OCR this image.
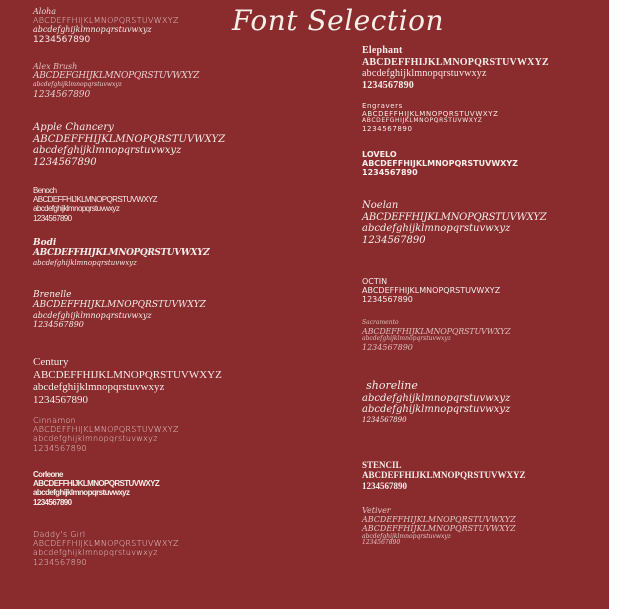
Font Selection
Aloha
ABCDEFFHIJKLMNOPQRSTUVWXYZ
abcdefghijklmnopqrstuvwxyz
1234567890
Alex Brush
ABCDEFGHIJKLMNOPQRSTUVWXYZ
abcdefghijklmnopqrstuvwxyz
1234567890
Apple Chancery
ABCDEFFHIJKLMNOPQRSTUVWXYZ
abcdefghijklmnopqrstuvwxyz
1234567890
Benoch
ABCDEFFHIJKLMNOPQRSTUVWXYZ
abcdefghijklmnopqrstuvwxyz
1234567890
Bodi
ABCDEFFHIJKLMNOPQRSTUVWXYZ
abcdefghijklmnopqrstuvwxyz
Brenelle
ABCDEFFHIJKLMNOPQRSTUVWXYZ
abcdefghijklmnopqrstuvwxyz
1234567890
Century
ABCDEFFHIJKLMNOPQRSTUVWXYZ
abcdefghijklmnopqrstuvwxyz
1234567890
Cinnamon
ABCDEFFHIJKLMNOPQRSTUVWXYZ
abcdefghijklmnopqrstuvwxyz
1234567890
Corleone
ABCDEFFHIJKLMNOPQRSTUVWXYZ
abcdefghijklmnopqrstuvwxyz
1234567890
Daddy's Girl
ABCDEFFHIJKLMNOPQRSTUVWXYZ
abcdefghijklmnopqrstuvwxyz
1234567890
Elephant
ABCDEFFHIJKLMNOPQRSTUVWXYZ
abcdefghijklmnopqrstuvwxyz
1234567890
Engravers
ABCDEFFHIJKLMNOPQRSTUVWXYZ
ABCDEFGHIJKLMNOPQRSTUVWXYZ
1234567890
LOVELO
ABCDEFFHIJKLMNOPQRSTUVWXYZ
1234567890
Noelan
ABCDEFFHIJKLMNOPQRSTUVWXYZ
abcdefghijklmnopqrstuvwxyz
1234567890
OCTIN
ABCDEFFHIJKLMNOPQRSTUVWXYZ
1234567890
Sacramento
ABCDEFFHIJKLMNOPQRSTUVWXYZ
abcdefghijklmnopqrstuvwxyz
1234567890
shoreline
abcdefghijklmnopqrstuvwxyz
abcdefghijklmnopqrstuvwxyz
1234567890
STENCIL
ABCDEFFHIJKLMNOPQRSTUVWXYZ
1234567890
Vetiver
ABCDEFFHIJKLMNOPQRSTUVWXYZ
ABCDEFFHIJKLMNOPQRSTUVWXYZ
abcdefghijklmnopqrstuvwxyz
1234567890
